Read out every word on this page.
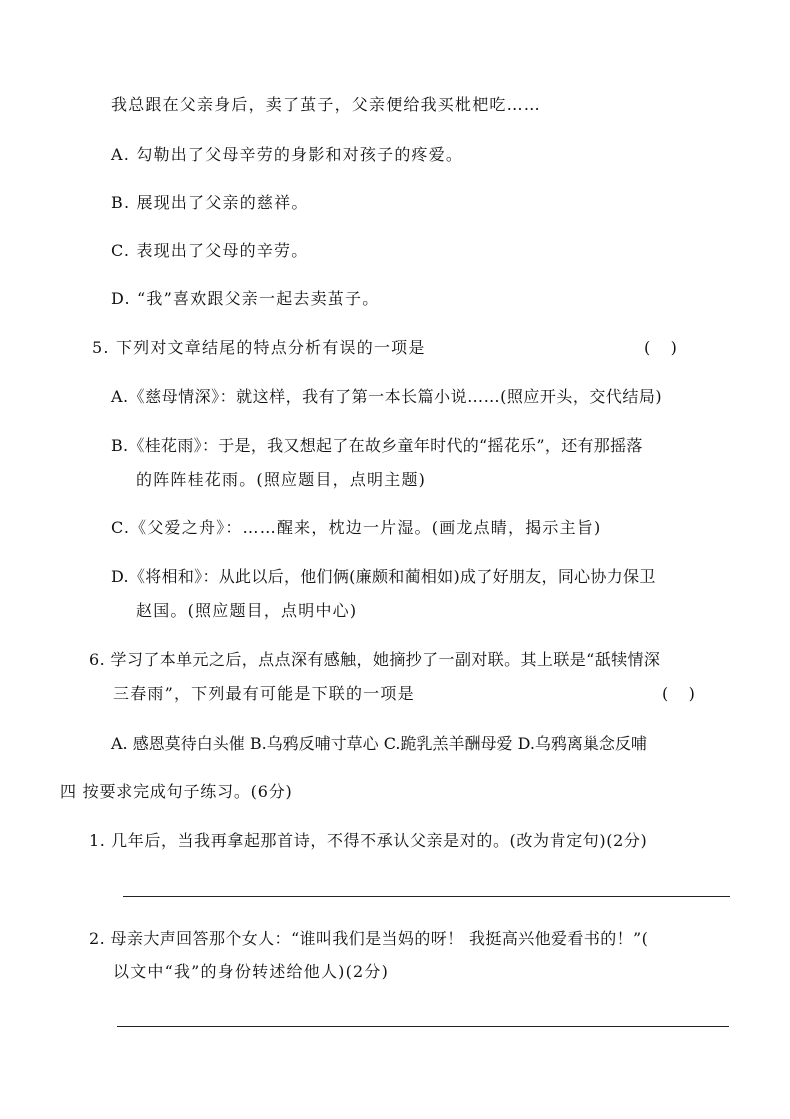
我总跟在父亲身后，卖了茧子，父亲便给我买枇杷吃……
A. 勾勒出了父母辛劳的身影和对孩子的疼爱。
B. 展现出了父亲的慈祥。
C. 表现出了父母的辛劳。
D. “我”喜欢跟父亲一起去卖茧子。
5. 下列对文章结尾的特点分析有误的一项是	(    )
A.《慈母情深》：就这样，我有了第一本长篇小说……(照应开头，交代结局)
B.《桂花雨》：于是，我又想起了在故乡童年时代的“摇花乐”，还有那摇落
的阵阵桂花雨。(照应题目，点明主题)
C.《父爱之舟》：……醒来，枕边一片湿。(画龙点睛，揭示主旨)
D.《将相和》：从此以后，他们俩(廉颇和蔺相如)成了好朋友，同心协力保卫
赵国。(照应题目，点明中心)
6. 学习了本单元之后，点点深有感触，她摘抄了一副对联。其上联是“舐犊情深
三春雨”，下列最有可能是下联的一项是	(    )
A. 感恩莫待白头催 B.乌鸦反哺寸草心 C.跪乳羔羊酬母爱 D.乌鸦离巢念反哺
四 按要求完成句子练习。(6分)
1. 几年后，当我再拿起那首诗，不得不承认父亲是对的。(改为肯定句)(2分)
2. 母亲大声回答那个女人：“谁叫我们是当妈的呀！ 我挺高兴他爱看书的！”(
以文中“我”的身份转述给他人)(2分)
